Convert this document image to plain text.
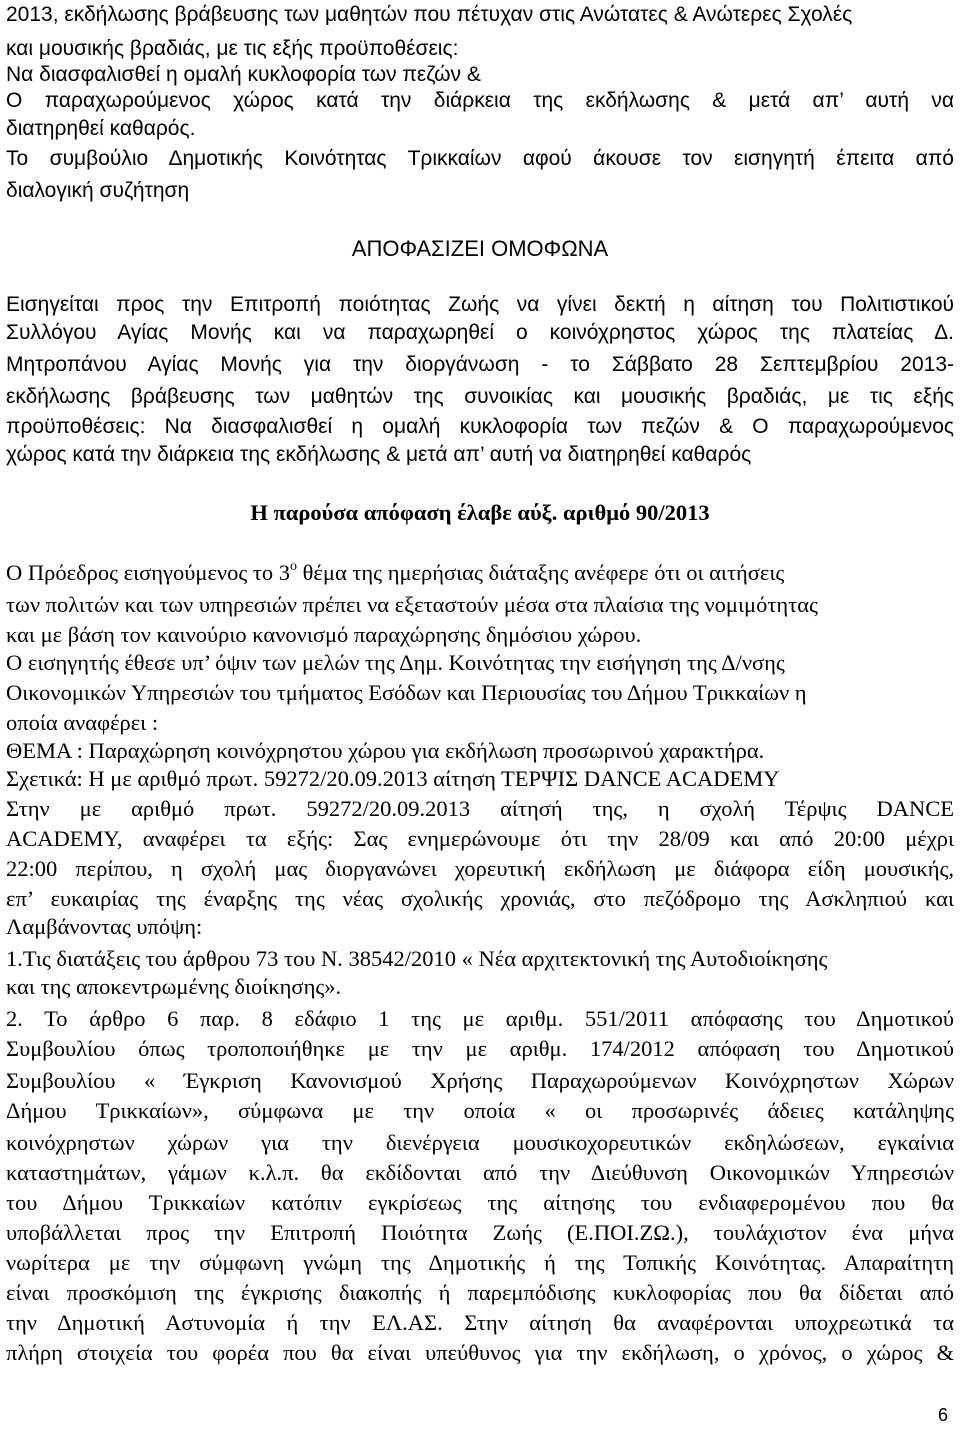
2013, εκδήλωσης βράβευσης των μαθητών που πέτυχαν στις Ανώτατες & Ανώτερες Σχολές
και μουσικής βραδιάς, με τις εξής προϋποθέσεις:
Να διασφαλισθεί η ομαλή κυκλοφορία των πεζών &
Ο παραχωρούμενος χώρος κατά την διάρκεια της εκδήλωσης & μετά απ’ αυτή να
διατηρηθεί καθαρός.
Το συμβούλιο Δημοτικής Κοινότητας Τρικκαίων αφού άκουσε τον εισηγητή έπειτα από
διαλογική συζήτηση
ΑΠΟΦΑΣΙΖΕΙ ΟΜΟΦΩΝΑ
Εισηγείται προς την Επιτροπή ποιότητας Ζωής να γίνει δεκτή η αίτηση του Πολιτιστικού
Συλλόγου Αγίας Μονής και να παραχωρηθεί ο κοινόχρηστος χώρος της πλατείας Δ.
Μητροπάνου Αγίας Μονής για την διοργάνωση - το Σάββατο 28 Σεπτεμβρίου 2013-
εκδήλωσης βράβευσης των μαθητών της συνοικίας και μουσικής βραδιάς, με τις εξής
προϋποθέσεις: Να διασφαλισθεί η ομαλή κυκλοφορία των πεζών & Ο παραχωρούμενος
χώρος κατά την διάρκεια της εκδήλωσης & μετά απ’ αυτή να διατηρηθεί καθαρός
Η παρούσα απόφαση έλαβε αύξ. αριθμό 90/2013
Ο Πρόεδρος εισηγούμενος το $3^o$ θέμα της ημερήσιας διάταξης ανέφερε ότι οι αιτήσεις
των πολιτών και των υπηρεσιών πρέπει να εξεταστούν μέσα στα πλαίσια της νομιμότητας
και με βάση τον καινούριο κανονισμό παραχώρησης δημόσιου χώρου.
Ο εισηγητής έθεσε υπ’ όψιν των μελών της Δημ. Κοινότητας την εισήγηση της Δ/νσης
Οικονομικών Υπηρεσιών του τμήματος Εσόδων και Περιουσίας του Δήμου Τρικκαίων η
οποία αναφέρει :
ΘΕΜΑ : Παραχώρηση κοινόχρηστου χώρου για εκδήλωση προσωρινού χαρακτήρα.
Σχετικά: Η με αριθμό πρωτ. 59272/20.09.2013 αίτηση ΤΕΡΨΙΣ DANCE ACADEMY
Στην με αριθμό πρωτ. 59272/20.09.2013 αίτησή της, η σχολή Τέρψις DANCE
ACADEMY, αναφέρει τα εξής: Σας ενημερώνουμε ότι την 28/09 και από 20:00 μέχρι
22:00 περίπου, η σχολή μας διοργανώνει χορευτική εκδήλωση με διάφορα είδη μουσικής,
επ’ ευκαιρίας της έναρξης της νέας σχολικής χρονιάς, στο πεζόδρομο της Ασκληπιού και
Λαμβάνοντας υπόψη:
1.Τις διατάξεις του άρθρου 73 του Ν. 38542/2010 « Νέα αρχιτεκτονική της Αυτοδιοίκησης
και της αποκεντρωμένης διοίκησης».
2. Το άρθρο 6 παρ. 8 εδάφιο 1 της με αριθμ. 551/2011 απόφασης του Δημοτικού
Συμβουλίου όπως τροποποιήθηκε με την με αριθμ. 174/2012 απόφαση του Δημοτικού
Συμβουλίου « Έγκριση Κανονισμού Χρήσης Παραχωρούμενων Κοινόχρηστων Χώρων
Δήμου Τρικκαίων», σύμφωνα με την οποία « οι προσωρινές άδειες κατάληψης
κοινόχρηστων χώρων για την διενέργεια μουσικοχορευτικών εκδηλώσεων, εγκαίνια
καταστημάτων, γάμων κ.λ.π. θα εκδίδονται από την Διεύθυνση Οικονομικών Υπηρεσιών
του Δήμου Τρικκαίων κατόπιν εγκρίσεως της αίτησης του ενδιαφερομένου που θα
υποβάλλεται προς την Επιτροπή Ποιότητα Ζωής (Ε.ΠΟΙ.ΖΩ.), τουλάχιστον ένα μήνα
νωρίτερα με την σύμφωνη γνώμη της Δημοτικής ή της Τοπικής Κοινότητας. Απαραίτητη
είναι προσκόμιση της έγκρισης διακοπής ή παρεμπόδισης κυκλοφορίας που θα δίδεται από
την Δημοτική Αστυνομία ή την ΕΛ.ΑΣ. Στην αίτηση θα αναφέρονται υποχρεωτικά τα
πλήρη στοιχεία του φορέα που θα είναι υπεύθυνος για την εκδήλωση, ο χρόνος, ο χώρος &
6
